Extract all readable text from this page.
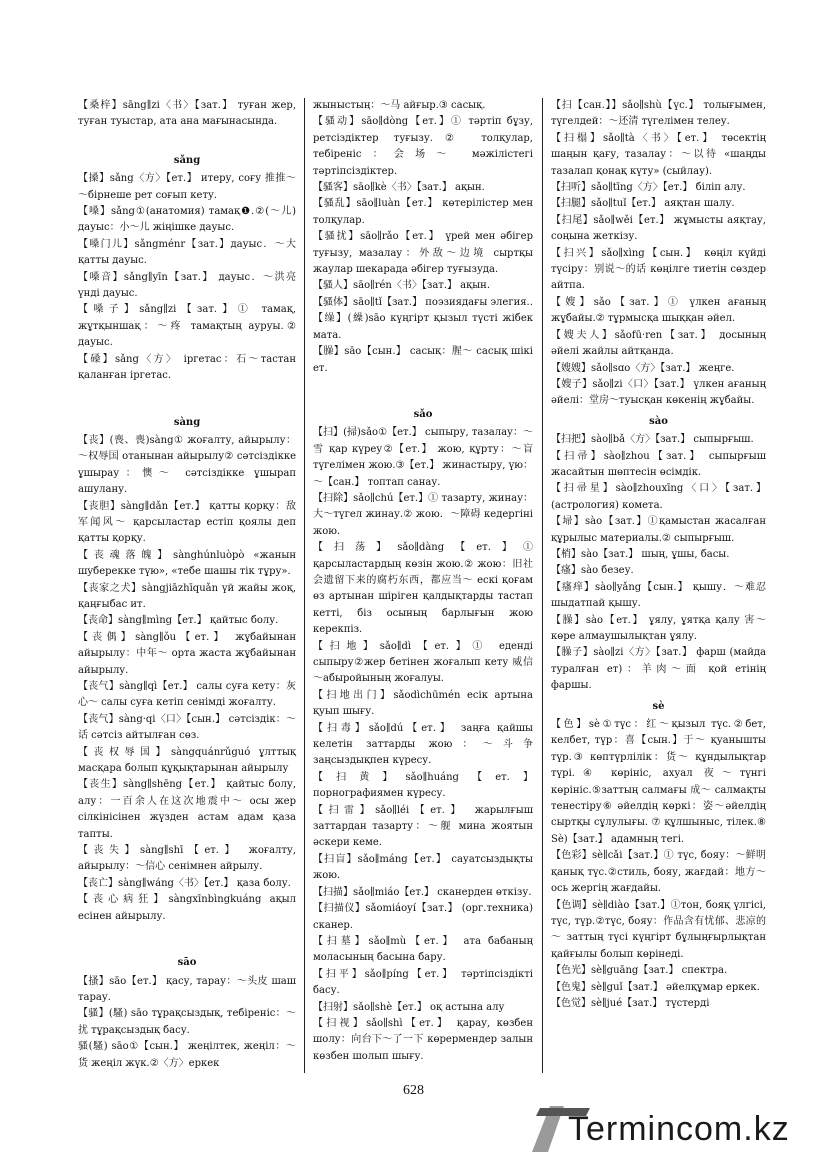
【桑梓】sāng∥zi〈书〉【зат.】 туған жер, туған туыстар, ата ана мағынасында.

sǎng

【搡】sǎng〈方〉【ет.】 итеру, соғу 推推～～бірнеше рет соғып кету.

【嗓】sǎng①(анатомия) тамақ❶.②(～儿) дауыс：小～儿 жіңішке дауыс.

【嗓门儿】sǎngménr【зат.】дауыс．～大 қатты дауыс.

【嗓音】sǎng∥yīn【зат.】 дауыс．～洪亮 үнді дауыс.

【嗓子】sǎng∥zi【зат.】① тамақ, жұтқыншақ：～疼 тамақтың ауруы.② дауыс.

【磉】sǎng〈方〉 іргетас：石～тастан қаланған іргетас.

sàng

【丧】(喪、喪)sàng① жоғалту, айырылу：～权辱国 отанынан айырылу② сәтсіздікке ұшырау：懊～ сәтсіздікке ұшырап ашулану.

【丧胆】sàng∥dǎn【ет.】 қатты қорқу：敌军闻风～ қарсыластар естіп қоялы деп қатты қорқу.

【丧魂落魄】sànghúnluòpò «жанын шуберекке түю», «тебе шашы тік тұру».

【丧家之犬】sàngjiāzhīquǎn үй жайы жоқ, қаңғыбас ит.

【丧命】sàng∥mìng【ет.】 қайтыс болу.

【丧偶】sàng∥ǒu【ет.】 жұбайынан айырылу：中年～ орта жаста жұбайынан айырылу.

【丧气】sàng∥qì【ет.】 салы суға кету：灰心～ салы суға кетіп сенімді жоғалту.

【丧气】sàng·qi〈口〉【сын.】 сәтсіздік：～话 сәтсіз айтылған сөз.

【丧权辱国】sàngquánrǔguó ұлттық масқара болып құқықтарынан айырылу

【丧生】sàng∥shēng【ет.】 қайтыс болу, алу：一百余人在这次地震中～ осы жер сілкінісінен жүзден астам адам қаза тапты.

【丧失】sàng∥shī【ет.】 жоғалту, айырылу：～信心 сенімнен айрылу.

【丧亡】sàng∥wáng〈书〉【ет.】 қаза болу.

【丧心病狂】sàngxīnbìngkuáng ақыл есінен айырылу.

sāo

【搔】sāo【ет.】 қасу, тарау：～头皮 шаш тарау.

【骚】(騷) sāo тұрақсыздық, тебіреніс：～扰 тұрақсыздық басу.

骚(騷) sāo①【сын.】 жеңілтек, жеңіл：～货 жеңіл жүк.②〈方〉еркек

жыныстың：～马 айғыр.③ сасық.

【骚动】sāo∥dòng【ет.】① тәртіп бұзу, ретсіздіктер туғызу.② толқулар, тебіреніс：会场～ мәжілістегі тәртіпсіздіктер.

【骚客】sāo∥kè〈书〉【зат.】 ақын.

【骚乱】sāo∥luàn【ет.】 көтерілістер мен толқулар.

【骚扰】sāo∥rǎo【ет.】 үрей мен әбігер туғызу, мазалау：外敌～边境 сыртқы жаулар шекарада әбігер туғызуда.

【骚人】sāo∥rén〈书〉【зат.】 ақын.

【骚体】sāo∥tǐ【зат.】 поэзиядағы элегия..

【缲】(繰)sāo күңгірт қызыл түсті жібек мата.

【臊】sāo【сын.】 сасық：腥～ сасық шікі ет.

sǎo

【扫】(掃)sǎo①【ет.】 сыпыру, тазалау：～雪 қар күреу②【ет.】 жою, құрту：～盲 түгелімен жою.③【ет.】 жинастыру, үю：～【сан.】 топтап санау.

【扫除】sǎo∥chú【ет.】① тазарту, жинау：大～түгел жинау.② жою．～障碍 кедергіні жою.

【扫荡】sǎo∥dàng【ет.】① қарсыластардың көзін жою.② жою：旧社会遗留下来的腐朽东西，都应当～ ескі қоғам өз артынан шіріген қалдықтарды тастап кетті, біз осының барлығын жою керекпіз.

【扫地】sǎo∥dì【ет.】① едендi сыпыру②жер бетінен жоғалып кету 威信～абыройының жоғалуы.

【扫地出门】sǎodìchūmén есік артына қуып шығу.

【扫毒】sǎo∥dú【ет.】 заңға қайшы келетін заттарды жою：～斗争 заңсыздықпен күресу.

【扫黄】sǎo∥huáng【ет.】 порнографиямен күресу.

【扫雷】sǎo∥léi【ет.】 жарылғыш заттардан тазарту：～舰 мина жоятын әскери кеме.

【扫盲】sǎo∥máng【ет.】 сауатсыздықты жою.

【扫描】sǎo∥miáo【ет.】 сканерден өткізу.

【扫描仪】sǎomiáoyí【зат.】 (орг.техника) сканер.

【扫墓】sǎo∥mù【ет.】 ата бабаның моласының басына бару.

【扫平】sǎo∥píng【ет.】 тәртіпсіздікті басу.

【扫射】sǎo∥shè【ет.】 оқ астына алу

【扫视】sǎo∥shì【ет.】 қарау, көзбен шолу：向台下～了一下 көрермендер залын көзбен шолып шығу.

【扫【сан.】】sǎo∥shù【үс.】 толығымен, түгелдей：～还清 түгелімен телеу.

【扫榻】sǎo∥tà〈书〉【ет.】 төсектің шаңын қағу, тазалау：～以待 «шаңды тазалап қонақ күту» (сыйлау).

【扫听】sǎo∥tīng〈方〉【ет.】 біліп алу.

【扫腿】sǎo∥tuǐ【ет.】 аяқтан шалу.

【扫尾】sǎo∥wěi【ет.】 жұмысты аяқтау, соңына жеткізу.

【扫兴】sǎo∥xìng【сын.】 көңіл күйді түсіру：别说～的话 көңілге тиетін сөздер айтпа.

【嫂】sǎo【зат.】① үлкен ағаның жұбайы.② тұрмысқа шыққан әйел.

【嫂夫人】sǎofū·ren【зат.】 досының әйелі жайлы айтқанда.

【嫂嫂】sǎo∥sɑo〈方〉【зат.】 жеңге.

【嫂子】sǎo∥zi〈口〉【зат.】 үлкен ағаның әйелі：堂房～туысқан көкенің жұбайы.

sào

【扫把】sào∥bǎ〈方〉【зат.】 сыпырғыш.

【扫帚】sào∥zhou【зат.】 сыпырғыш жасайтын шөптесін өсімдік.

【扫帚星】sào∥zhouxīng〈口〉【зат.】 (астрология) комета.

【埽】sào【зат.】①қамыстан жасалған құрылыс материалы.② сыпырғыш.

【梢】sào【зат.】 шың, ұшы, басы.

【瘙】sào безеу.

【瘙痒】sào∥yǎng【сын.】 қышу．～难忍 шыдатпай қышу.

【臊】sào【ет.】 ұялу, ұятқа қалу 害～көре алмаушылықтан ұялу.

【臊子】sào∥zi〈方〉【зат.】 фарш (майда туралған ет)：羊肉～面 қой етінің фаршы.

sè

【色】sè①түс：红～қызыл түс.②бет, келбет, түр：喜【сын.】于～ қуанышты түр.③ көптүрлілік：货～ құндылықтар түрі.④ көрініс, ахуал 夜～түнгі көрініс.⑤заттың салмағы 成～ салмақты тенестіру⑥ әйелдің көркі：姿～әйелдің сыртқы сұлулығы. ⑦ құлшыныс, тілек.⑧ Sè)【зат.】 адамның тегі.

【色彩】sè∥cǎi【зат.】① түс, бояу：～鲜明 қанық түс.②стиль, бояу, жағдай：地方～ось жергің жағдайы.

【色调】sè∥diào【зат.】①тон, бояқ үлгісі, түс, түр.②түс, бояу：作品含有忧郁、悲凉的～ заттың түсі күңгірт бұлыңғырлықтан қайғылы болып көрінеді.

【色光】sè∥guāng【зат.】 спектра.

【色鬼】sè∥guǐ【зат.】 әйелқұмар еркек.

【色觉】sè∥jué【зат.】 түстерді

628
Termincom.kz
